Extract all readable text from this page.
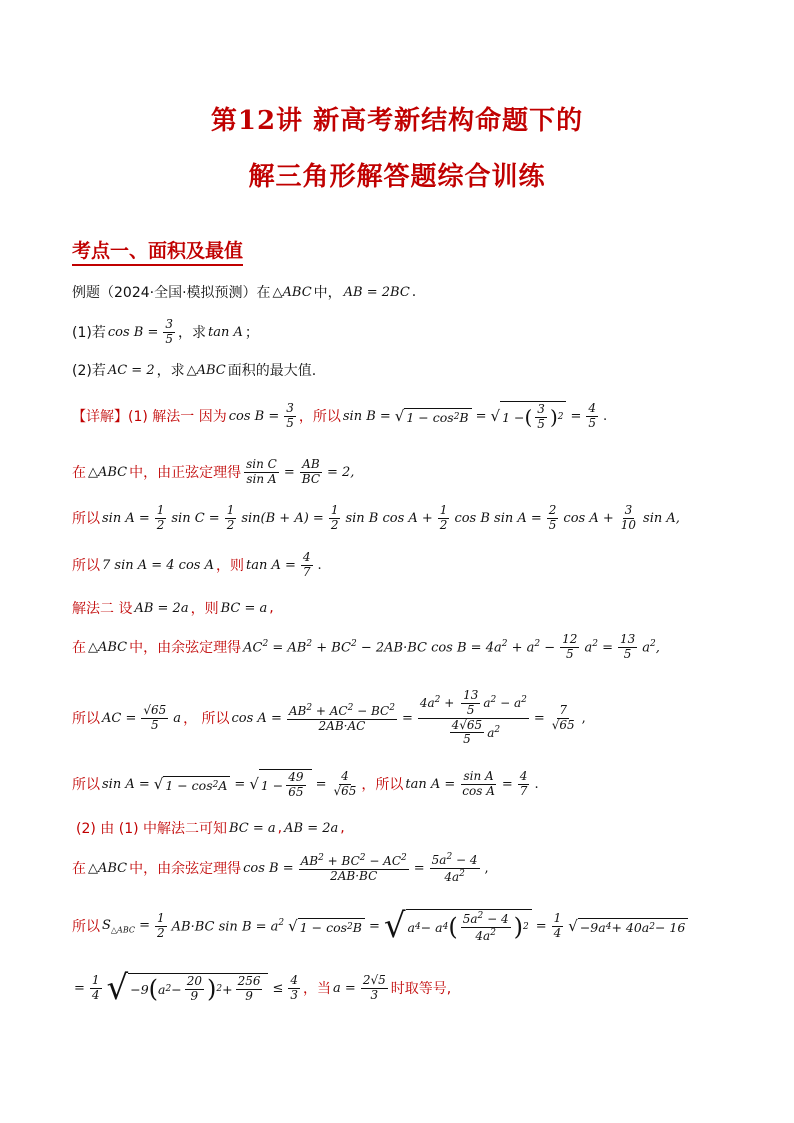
第12讲 新高考新结构命题下的
解三角形解答题综合训练
考点一、面积及最值
例题（2024·全国·模拟预测）在 △ABC 中， AB = 2BC .
(1)若 $\cos B = \frac{3}{5}$ ，求 tan A ；
(2)若 AC = 2 ，求 △ABC 面积的最大值.
【详解】 (1) 解法一 因为 $\cos B = \frac{3}{5}$ ，所以 sin B = √ 1 − cos 2 B = √ 1 − ( $\frac{3}{5}$ ) $2 = \frac{4}{5}$ .
在 △ABC 中，由正弦定理得 $\frac{\text{sin C}}{\text{sin A}} = \frac{AB}{BC} = 2$,
所以 $\sin A = \frac{1}{2}$ $\sin C = \frac{1}{2} \sin(B + A) = \frac{1}{2}$ sin B $\cos A + \frac{1}{2}$ cos B $\sin A = \frac{2}{5}$ $\cos A + \frac{3}{10}$ sin A,
所以 7 sin A = 4 cos A ，则 $\tan A = \frac{4}{7}$ .
解法二 设 AB = 2a ，则 BC = a ,
在 △ABC 中，由余弦定理得 $AC^2 = AB^2 + BC^2 - 2AB\cdot BC$ $\cos B = 4a^2 + a^2 - \frac{12}{5} a^2 = \frac{13}{5} a^2$,
所以 AC = $\frac{√65}{5}$ a ， 所以 $\cos A = \frac{AB^2 + AC^2 - BC^2}{2AB\cdot AC} = \frac{4a^2 + \frac{13}{5} a^2 - a^2}{\frac{4√65}{5} a^2} = \frac{7}{√65}$ ,
所以 sin A = √ 1 − cos 2 A = √ $1 - \frac{49}{65} = \frac{4}{√65}$ ，所以 $\tan A = \frac{\text{sin A}}{\text{cos A}} = \frac{4}{7}$ .
(2) 由 (1) 中解法二可知 BC = a , AB = 2a ,
在 △ABC 中，由余弦定理得 $\cos B = \frac{AB^2 + BC^2 - AC^2}{2AB\cdot BC} = \frac{5a^2 - 4}{4a^2}$ ,
所以 $S_{\triangle ABC} = \frac{1}{2} AB\cdot BC$ $\sin B = a^2$ √ 1 − cos 2 B = √ a 4 − a 4 ( $\frac{5a^2 - 4}{4a^2}$ ) $2 = \frac{1}{4}$ √ −9a 4 + 40a 2 − 16
= $\frac{1}{4}$ √ −9 ( a $2 - \frac{20}{9}$ ) $2 + \frac{256}{9} \le \frac{4}{3}$ ，当 $a = \frac{2√5}{3}$ 时取等号,
